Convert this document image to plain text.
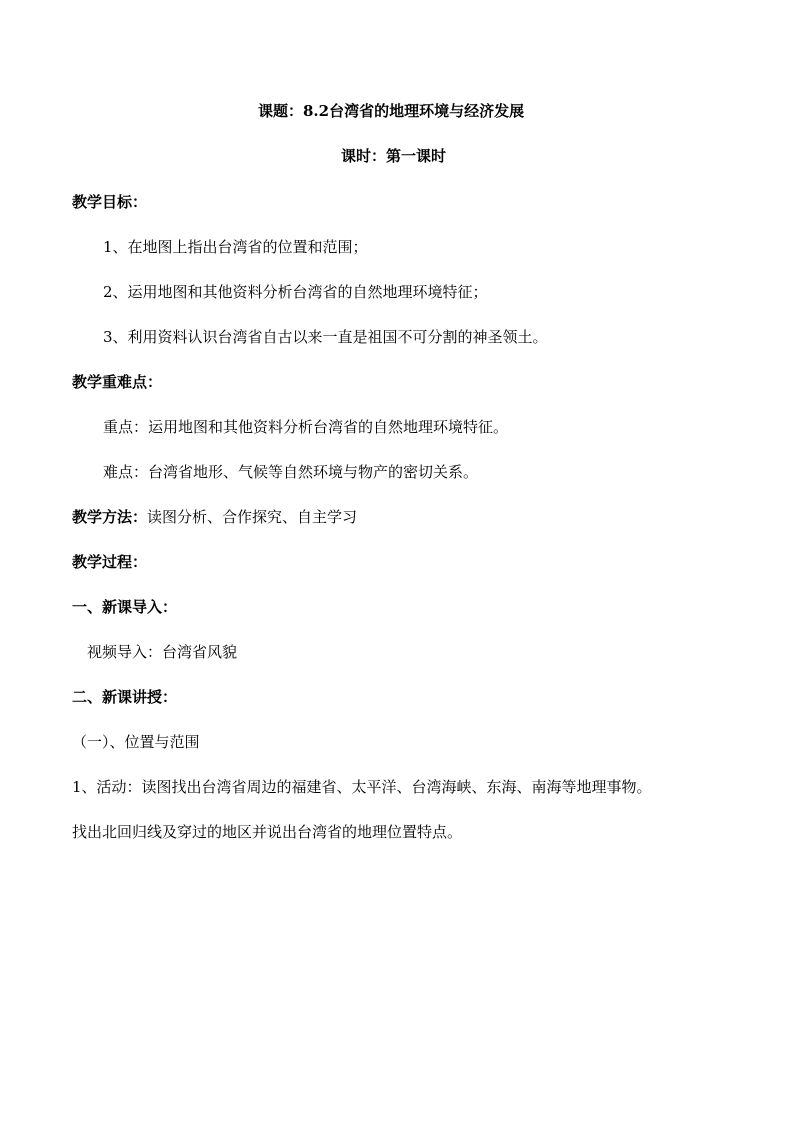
课题：8.2台湾省的地理环境与经济发展
课时：第一课时
教学目标：
1、在地图上指出台湾省的位置和范围；
2、运用地图和其他资料分析台湾省的自然地理环境特征；
3、利用资料认识台湾省自古以来一直是祖国不可分割的神圣领土。
教学重难点：
重点：运用地图和其他资料分析台湾省的自然地理环境特征。
难点：台湾省地形、气候等自然环境与物产的密切关系。
教学方法：读图分析、合作探究、自主学习
教学过程：
一、新课导入：
视频导入：台湾省风貌
二、新课讲授：
（一）、位置与范围
1、活动：读图找出台湾省周边的福建省、太平洋、台湾海峡、东海、南海等地理事物。
找出北回归线及穿过的地区并说出台湾省的地理位置特点。
